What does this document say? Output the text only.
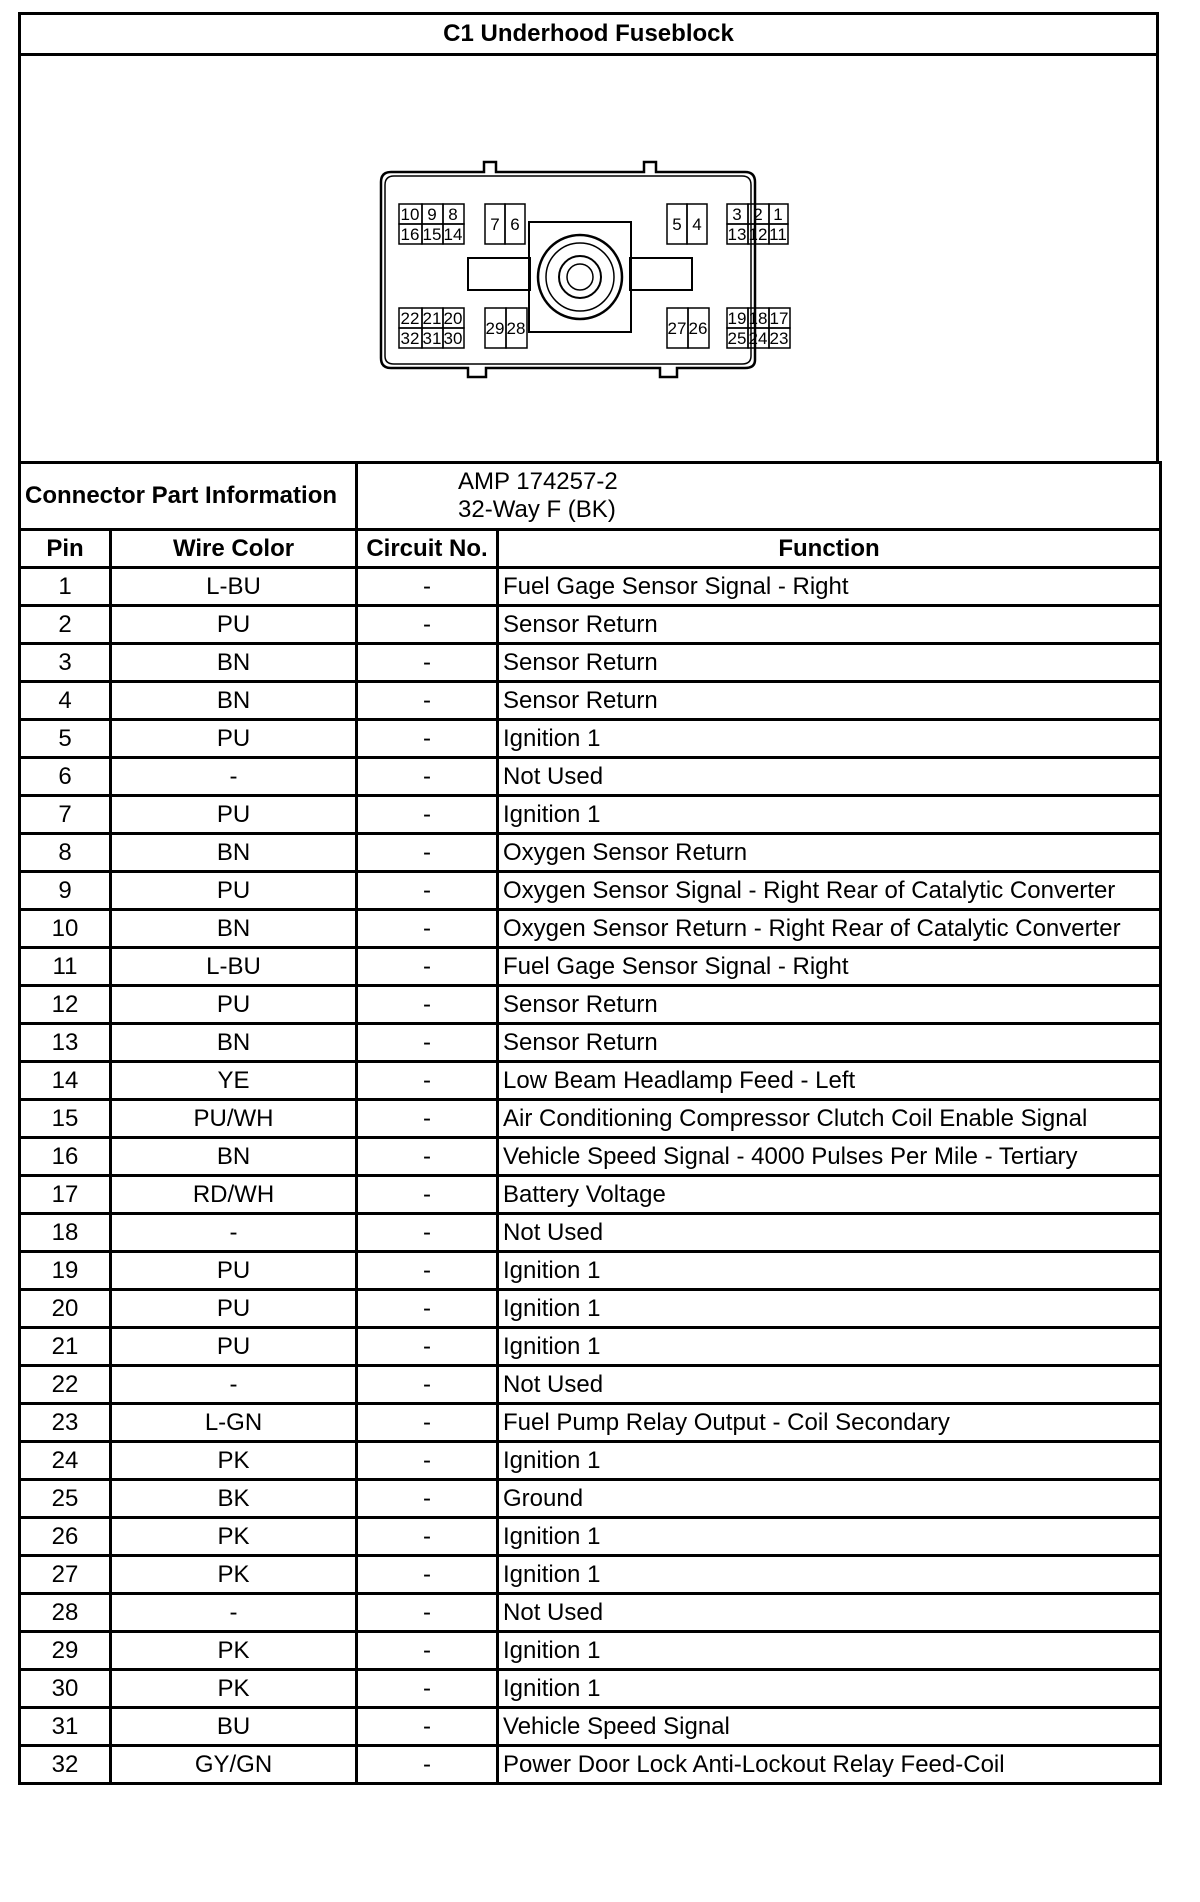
C1 Underhood Fuseblock
10 9 8
16 15 14
7 6	5 4
3 2 1
13 12 11
22 21 20
32 31 30
29 28	27 26
19 18 17
25 24 23
Connector Part Information		AMP 174257-2
32-Way F (BK)	

Pin	Wire Color	Circuit No.	Function
1	L-BU	-	Fuel Gage Sensor Signal - Right
2	PU	-	Sensor Return
3	BN	-	Sensor Return
4	BN	-	Sensor Return
5	PU	-	Ignition 1
6	-	-	Not Used
7	PU	-	Ignition 1
8	BN	-	Oxygen Sensor Return
9	PU	-	Oxygen Sensor Signal - Right Rear of Catalytic Converter
10	BN	-	Oxygen Sensor Return - Right Rear of Catalytic Converter
11	L-BU	-	Fuel Gage Sensor Signal - Right
12	PU	-	Sensor Return
13	BN	-	Sensor Return
14	YE	-	Low Beam Headlamp Feed - Left
15	PU/WH	-	Air Conditioning Compressor Clutch Coil Enable Signal
16	BN	-	Vehicle Speed Signal - 4000 Pulses Per Mile - Tertiary
17	RD/WH	-	Battery Voltage
18	-	-	Not Used
19	PU	-	Ignition 1
20	PU	-	Ignition 1
21	PU	-	Ignition 1
22	-	-	Not Used
23	L-GN	-	Fuel Pump Relay Output - Coil Secondary
24	PK	-	Ignition 1
25	BK	-	Ground
26	PK	-	Ignition 1
27	PK	-	Ignition 1
28	-	-	Not Used
29	PK	-	Ignition 1
30	PK	-	Ignition 1
31	BU	-	Vehicle Speed Signal
32	GY/GN	-	Power Door Lock Anti-Lockout Relay Feed-Coil
